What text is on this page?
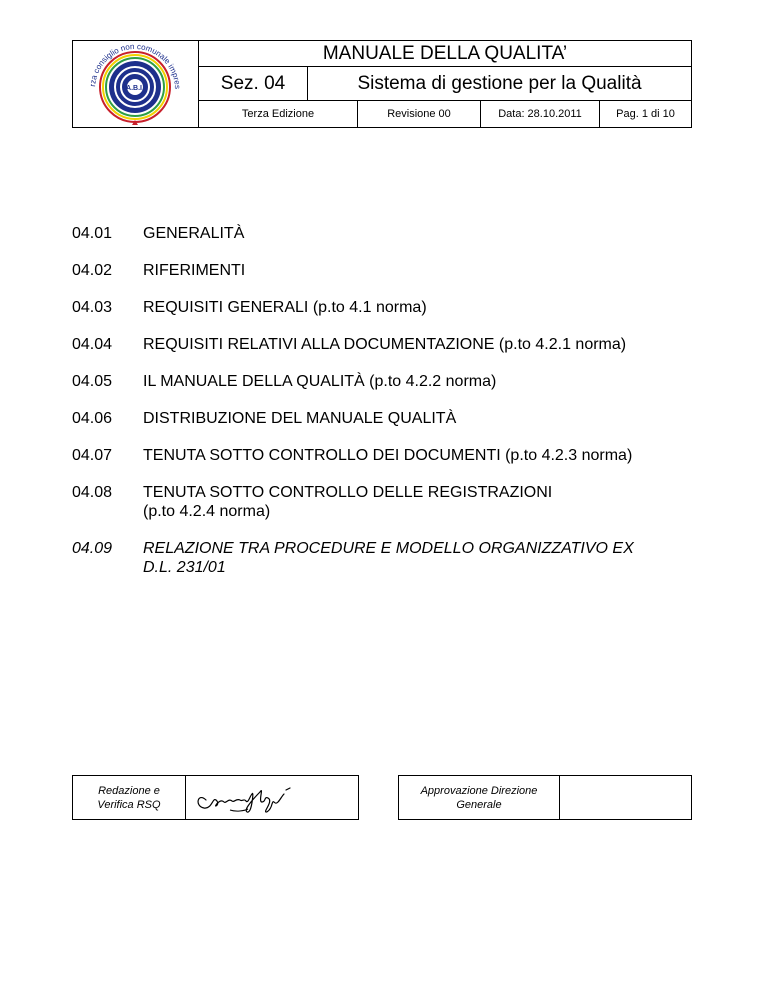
A.B.I.
rza consiglio non comunale impres
MANUALE DELLA QUALITA’
Sez. 04	Sistema di gestione per la Qualità
Terza Edizione	Revisione 00	Data: 28.10.2011	Pag. 1 di 10
04.01	GENERALITÀ
04.02	RIFERIMENTI
04.03	REQUISITI GENERALI (p.to 4.1 norma)
04.04	REQUISITI RELATIVI ALLA DOCUMENTAZIONE (p.to 4.2.1 norma)
04.05	IL MANUALE DELLA QUALITÀ (p.to 4.2.2 norma)
04.06	DISTRIBUZIONE DEL MANUALE QUALITÀ
04.07	TENUTA SOTTO CONTROLLO DEI DOCUMENTI (p.to 4.2.3 norma)
04.08	TENUTA SOTTO CONTROLLO DELLE REGISTRAZIONI
(p.to 4.2.4 norma)
04.09	RELAZIONE TRA PROCEDURE E MODELLO ORGANIZZATIVO EX
D.L. 231/01
Redazione e
Verifica RSQ
Approvazione Direzione
Generale
